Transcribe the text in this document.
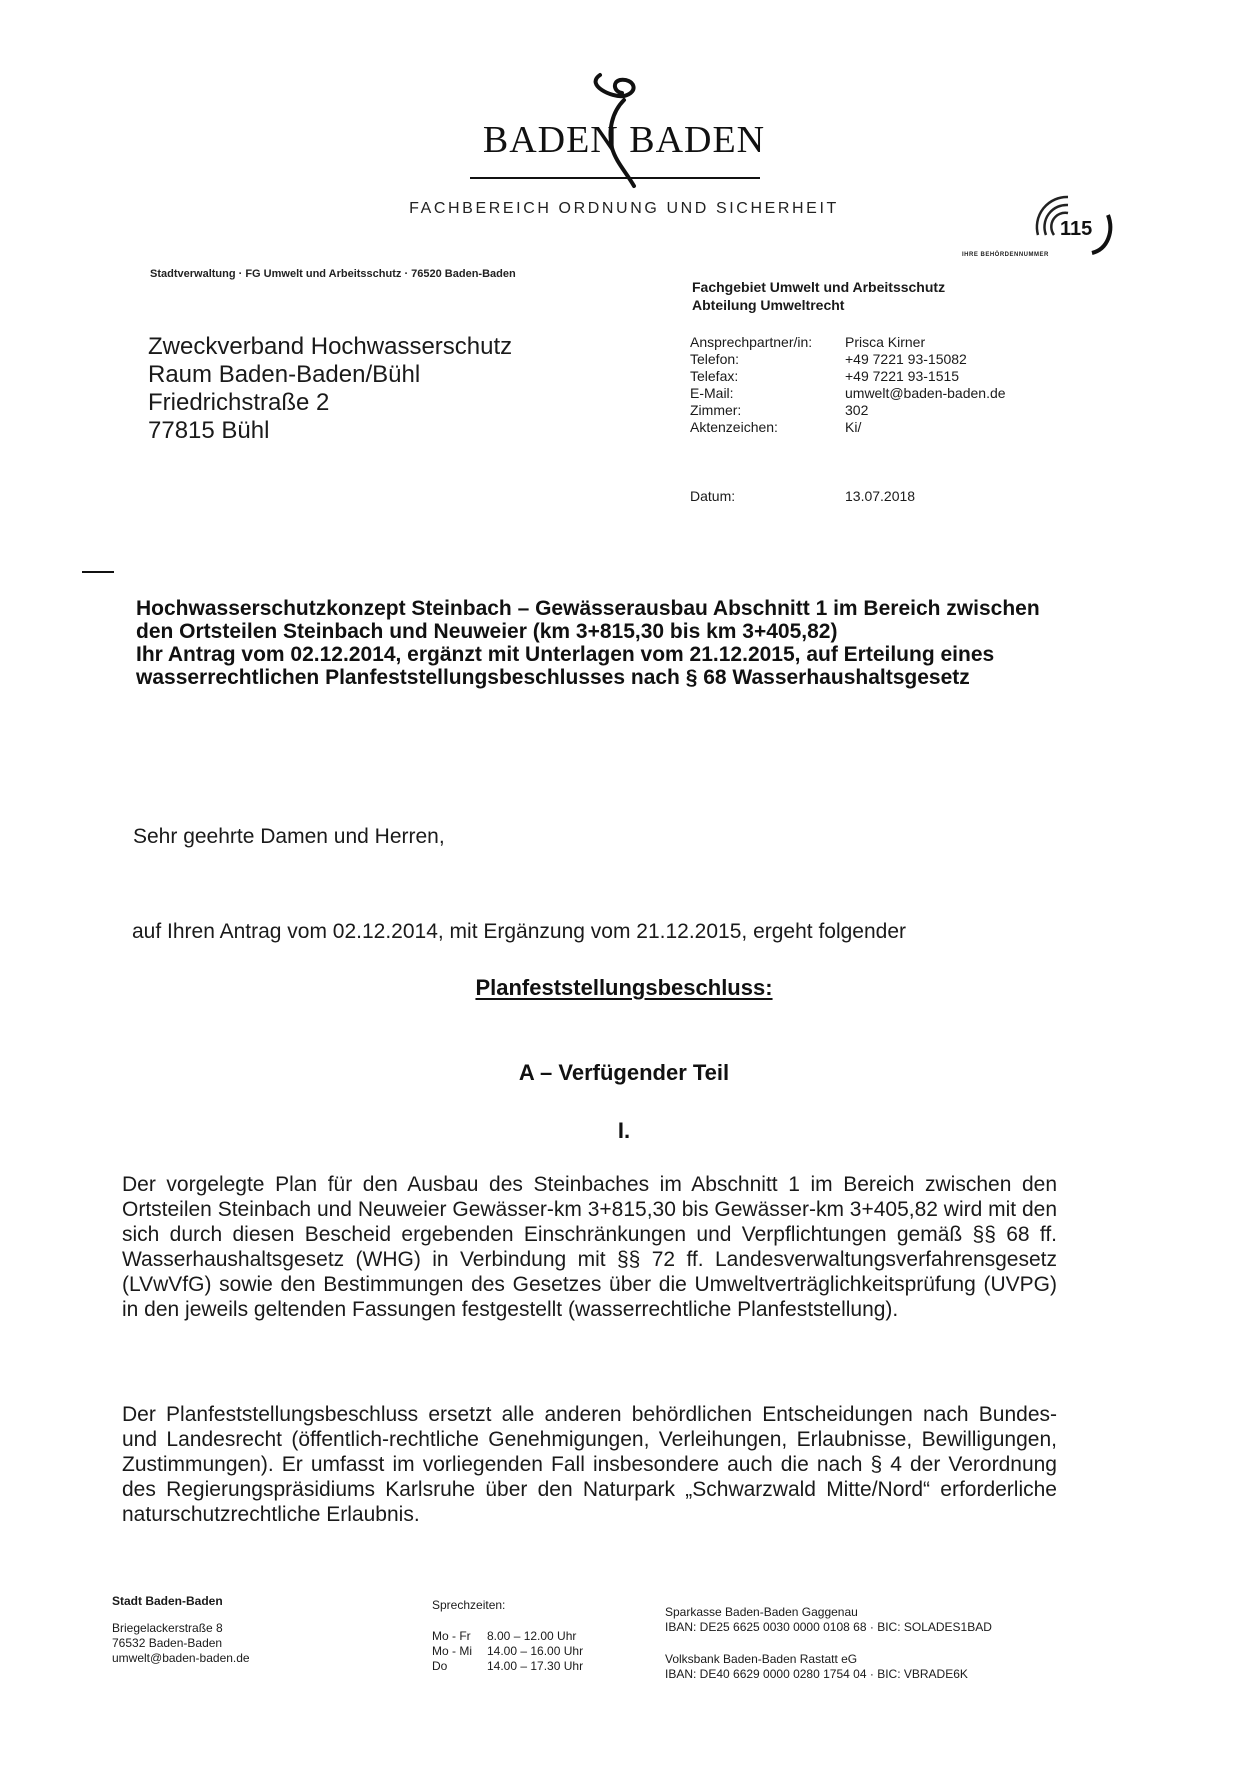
BADEN BADEN
FACHBEREICH ORDNUNG UND SICHERHEIT
115
IHRE BEHÖRDENNUMMER
Stadtverwaltung · FG Umwelt und Arbeitsschutz · 76520 Baden-Baden
Zweckverband Hochwasserschutz
Raum Baden-Baden/Bühl
Friedrichstraße 2
77815 Bühl
Fachgebiet Umwelt und Arbeitsschutz
Abteilung Umweltrecht
Ansprechpartner/in:	Prisca Kirner
Telefon:	+49 7221 93-15082
Telefax:	+49 7221 93-1515
E-Mail:	umwelt@baden-baden.de
Zimmer:	302
Aktenzeichen:	Ki/
Datum:	13.07.2018
Hochwasserschutzkonzept Steinbach – Gewässerausbau Abschnitt 1 im Bereich zwischen den Ortsteilen Steinbach und Neuweier (km 3+815,30 bis km 3+405,82)
Ihr Antrag vom 02.12.2014, ergänzt mit Unterlagen vom 21.12.2015, auf Erteilung eines wasserrechtlichen Planfeststellungsbeschlusses nach § 68 Wasserhaushaltsgesetz
Sehr geehrte Damen und Herren,
auf Ihren Antrag vom 02.12.2014, mit Ergänzung vom 21.12.2015, ergeht folgender
Planfeststellungsbeschluss:
A – Verfügender Teil
I.
Der vorgelegte Plan für den Ausbau des Steinbaches im Abschnitt 1 im Bereich zwischen den Ortsteilen Steinbach und Neuweier Gewässer-km 3+815,30 bis Gewässer-km 3+405,82 wird mit den sich durch diesen Bescheid ergebenden Einschränkungen und Verpflichtungen gemäß §§ 68 ff. Wasserhaushaltsgesetz (WHG) in Verbindung mit §§ 72 ff. Landesverwaltungsverfahrensgesetz (LVwVfG) sowie den Bestimmungen des Gesetzes über die Umweltverträglichkeitsprüfung (UVPG) in den jeweils geltenden Fassungen festgestellt (wasserrechtliche Planfeststellung).
Der Planfeststellungsbeschluss ersetzt alle anderen behördlichen Entscheidungen nach Bundes- und Landesrecht (öffentlich-rechtliche Genehmigungen, Verleihungen, Erlaubnisse, Bewilligungen, Zustimmungen). Er umfasst im vorliegenden Fall insbesondere auch die nach § 4 der Verordnung des Regierungspräsidiums Karlsruhe über den Naturpark „Schwarzwald Mitte/Nord“ erforderliche naturschutzrechtliche Erlaubnis.
Stadt Baden-Baden
Briegelackerstraße 8
76532 Baden-Baden
umwelt@baden-baden.de
Sprechzeiten:
Mo - Fr	8.00 – 12.00 Uhr
Mo - Mi	14.00 – 16.00 Uhr
Do	14.00 – 17.30 Uhr
Sparkasse Baden-Baden Gaggenau
IBAN: DE25 6625 0030 0000 0108 68 · BIC: SOLADES1BAD
Volksbank Baden-Baden Rastatt eG
IBAN: DE40 6629 0000 0280 1754 04 · BIC: VBRADE6K
